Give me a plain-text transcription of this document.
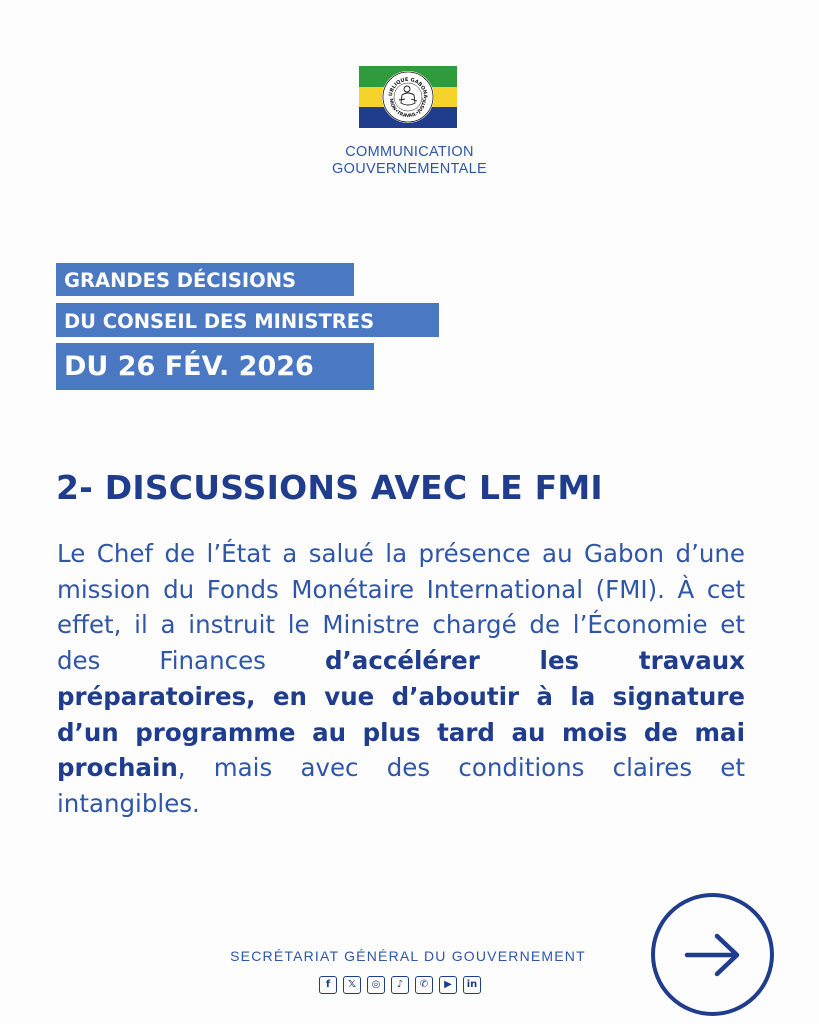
UBLIQUE GABONA
NION•TRAVAIL•JUSTIC
COMMUNICATION
GOUVERNEMENTALE
GRANDES DÉCISIONS
DU CONSEIL DES MINISTRES
DU 26 FÉV. 2026
2- DISCUSSIONS AVEC LE FMI
Le Chef de l’État a salué la présence au Gabon d’une mission du Fonds Monétaire International (FMI). À cet effet, il a instruit le Ministre chargé de l’Économie et des Finances d’accélérer les travaux préparatoires, en vue d’aboutir à la signature d’un programme au plus tard au mois de mai prochain, mais avec des conditions claires et intangibles.
SECRÉTARIAT GÉNÉRAL DU GOUVERNEMENT
f	𝕏	◎	♪	✆	▶	in
